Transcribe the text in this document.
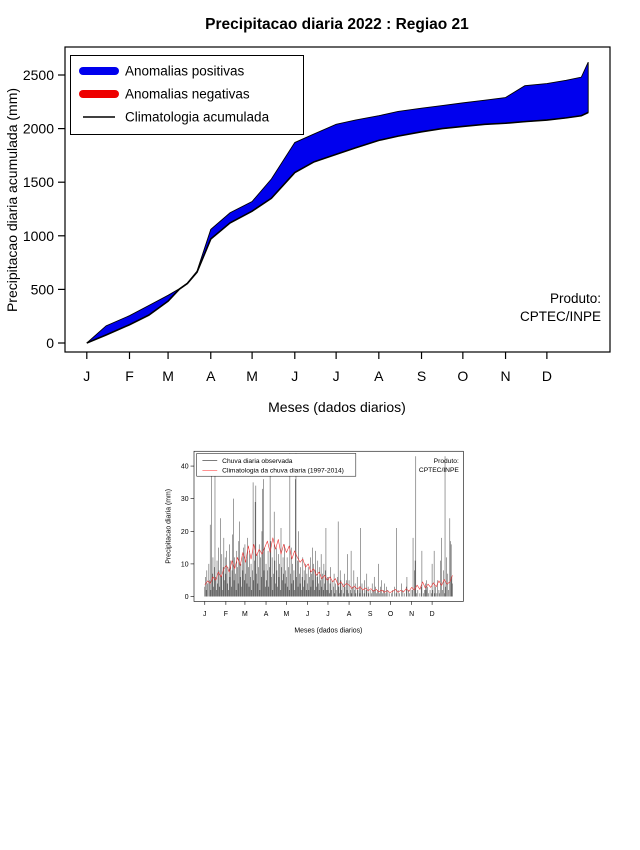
Precipitacao diaria 2022 : Regiao 21
Precipitacao diaria acumulada (mm)
Meses (dados diarios)
0
500
1000
1500
2000
2500
J F M A M J J A S O N D
Anomalias positivas
Anomalias negativas
Climatologia acumulada
Produto:
CPTEC/INPE
Precipitacao diaria (mm)
Meses (dados diarios)
0
10
20
30
40
J F M A M J J A S O N D
Chuva diaria observada
Climatologia da chuva diaria (1997-2014)
Produto:
CPTEC/INPE
